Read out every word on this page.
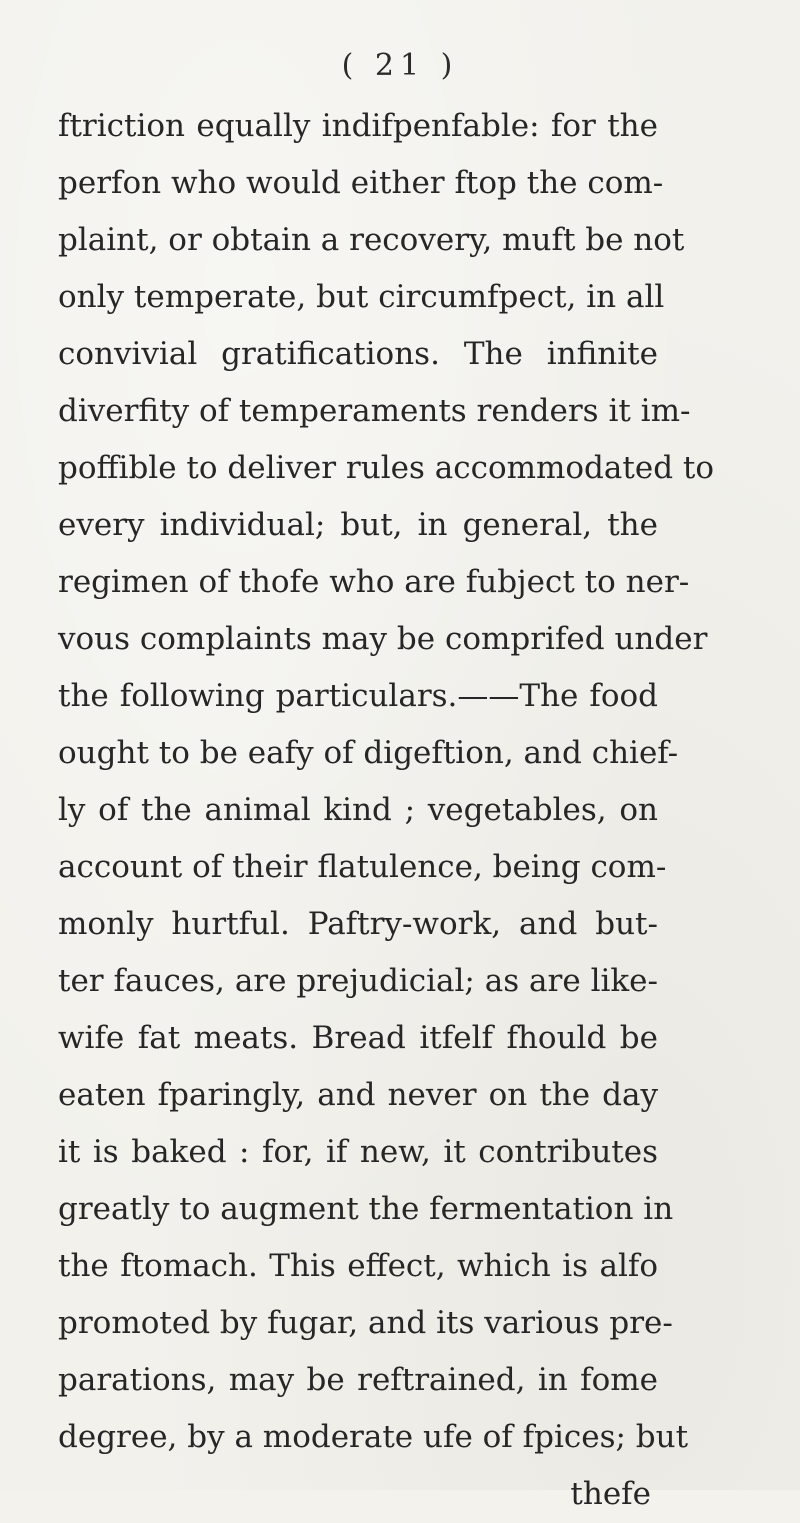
( 21 )
ftriction equally indifpenfable: for the
perfon who would either ftop the com-
plaint, or obtain a recovery, muft be not
only temperate, but circumfpect, in all
convivial gratifications. The infinite
diverfity of temperaments renders it im-
poffible to deliver rules accommodated to
every individual; but, in general, the
regimen of thofe who are fubject to ner-
vous complaints may be comprifed under
the following particulars.——The food
ought to be eafy of digeftion, and chief-
ly of the animal kind ; vegetables, on
account of their flatulence, being com-
monly hurtful. Paftry-work, and but-
ter fauces, are prejudicial; as are like-
wife fat meats. Bread itfelf fhould be
eaten fparingly, and never on the day
it is baked : for, if new, it contributes
greatly to augment the fermentation in
the ftomach. This effect, which is alfo
promoted by fugar, and its various pre-
parations, may be reftrained, in fome
degree, by a moderate ufe of fpices; but
thefe
